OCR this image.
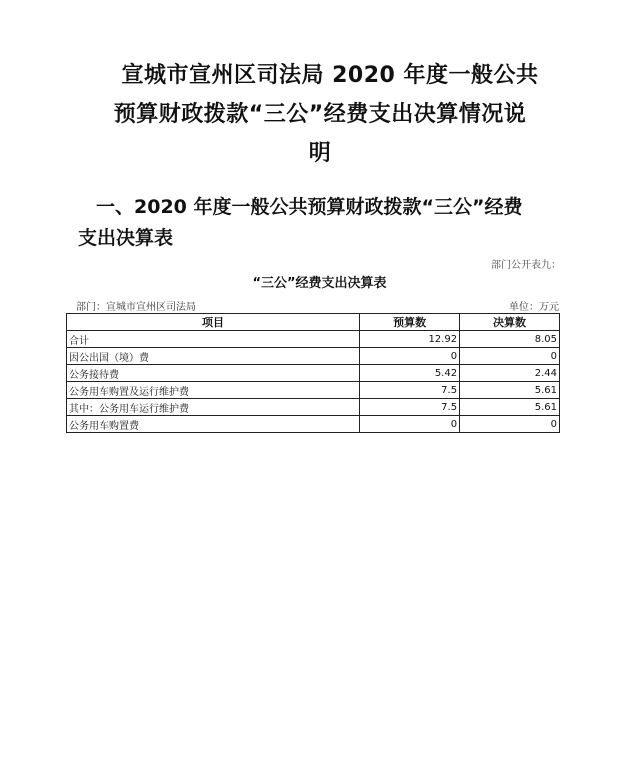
宣城市宣州区司法局 2020 年度一般公共
预算财政拨款“三公”经费支出决算情况说
明
一、2020 年度一般公共预算财政拨款“三公”经费
支出决算表
部门公开表九：
“三公”经费支出决算表
部门：宣城市宣州区司法局	单位：万元
项目	预算数	决算数
合计	12.92	8.05
因公出国（境）费	0	0
公务接待费	5.42	2.44
公务用车购置及运行维护费	7.5	5.61
其中：公务用车运行维护费	7.5	5.61
公务用车购置费	0	0
